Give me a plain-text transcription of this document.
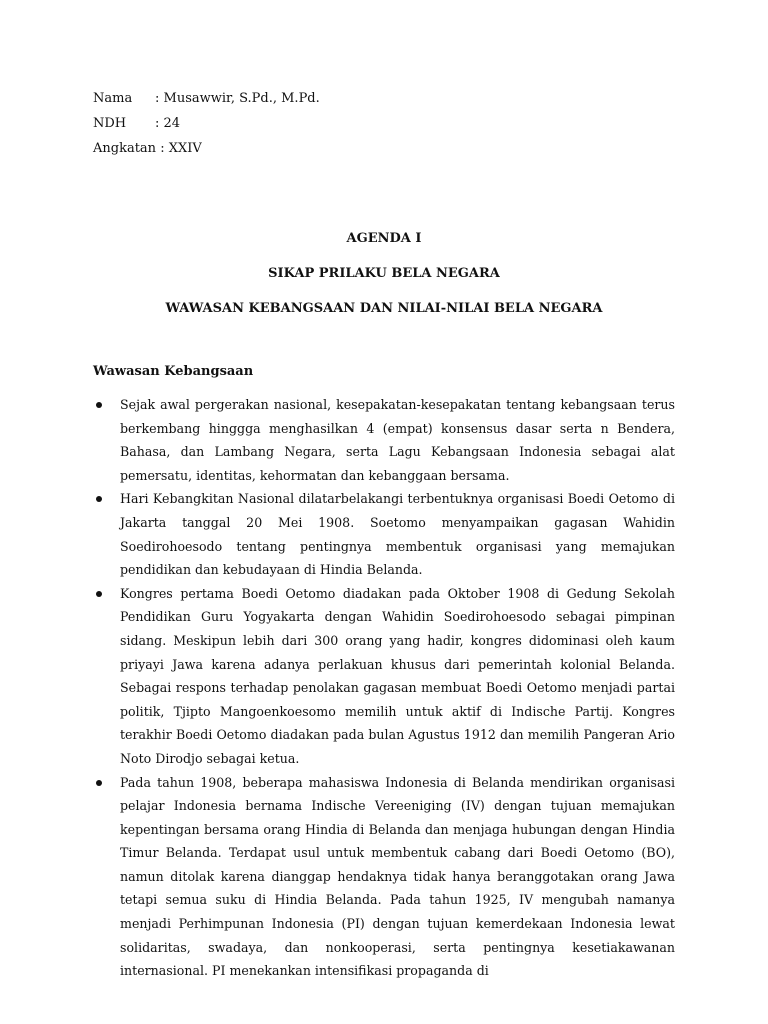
Nama	: Musawwir, S.Pd., M.Pd.
NDH	: 24
Angkatan : XXIV
AGENDA I
SIKAP PRILAKU BELA NEGARA
WAWASAN KEBANGSAAN DAN NILAI-NILAI BELA NEGARA
Wawasan Kebangsaan
Sejak awal pergerakan nasional, kesepakatan-kesepakatan tentang kebangsaan terus berkembang hinggga menghasilkan 4 (empat) konsensus dasar serta n Bendera, Bahasa, dan Lambang Negara, serta Lagu Kebangsaan Indonesia sebagai alat pemersatu, identitas, kehormatan dan kebanggaan bersama.
Hari Kebangkitan Nasional dilatarbelakangi terbentuknya organisasi Boedi Oetomo di Jakarta tanggal 20 Mei 1908. Soetomo menyampaikan gagasan Wahidin Soedirohoesodo tentang pentingnya membentuk organisasi yang memajukan pendidikan dan kebudayaan di Hindia Belanda.
Kongres pertama Boedi Oetomo diadakan pada Oktober 1908 di Gedung Sekolah Pendidikan Guru Yogyakarta dengan Wahidin Soedirohoesodo sebagai pimpinan sidang. Meskipun lebih dari 300 orang yang hadir, kongres didominasi oleh kaum priyayi Jawa karena adanya perlakuan khusus dari pemerintah kolonial Belanda. Sebagai respons terhadap penolakan gagasan membuat Boedi Oetomo menjadi partai politik, Tjipto Mangoenkoesomo memilih untuk aktif di Indische Partij. Kongres terakhir Boedi Oetomo diadakan pada bulan Agustus 1912 dan memilih Pangeran Ario Noto Dirodjo sebagai ketua.
Pada tahun 1908, beberapa mahasiswa Indonesia di Belanda mendirikan organisasi pelajar Indonesia bernama Indische Vereeniging (IV) dengan tujuan memajukan kepentingan bersama orang Hindia di Belanda dan menjaga hubungan dengan Hindia Timur Belanda. Terdapat usul untuk membentuk cabang dari Boedi Oetomo (BO), namun ditolak karena dianggap hendaknya tidak hanya beranggotakan orang Jawa tetapi semua suku di Hindia Belanda. Pada tahun 1925, IV mengubah namanya menjadi Perhimpunan Indonesia (PI) dengan tujuan kemerdekaan Indonesia lewat solidaritas, swadaya, dan nonkooperasi, serta pentingnya kesetiakawanan internasional. PI menekankan intensifikasi propaganda di
